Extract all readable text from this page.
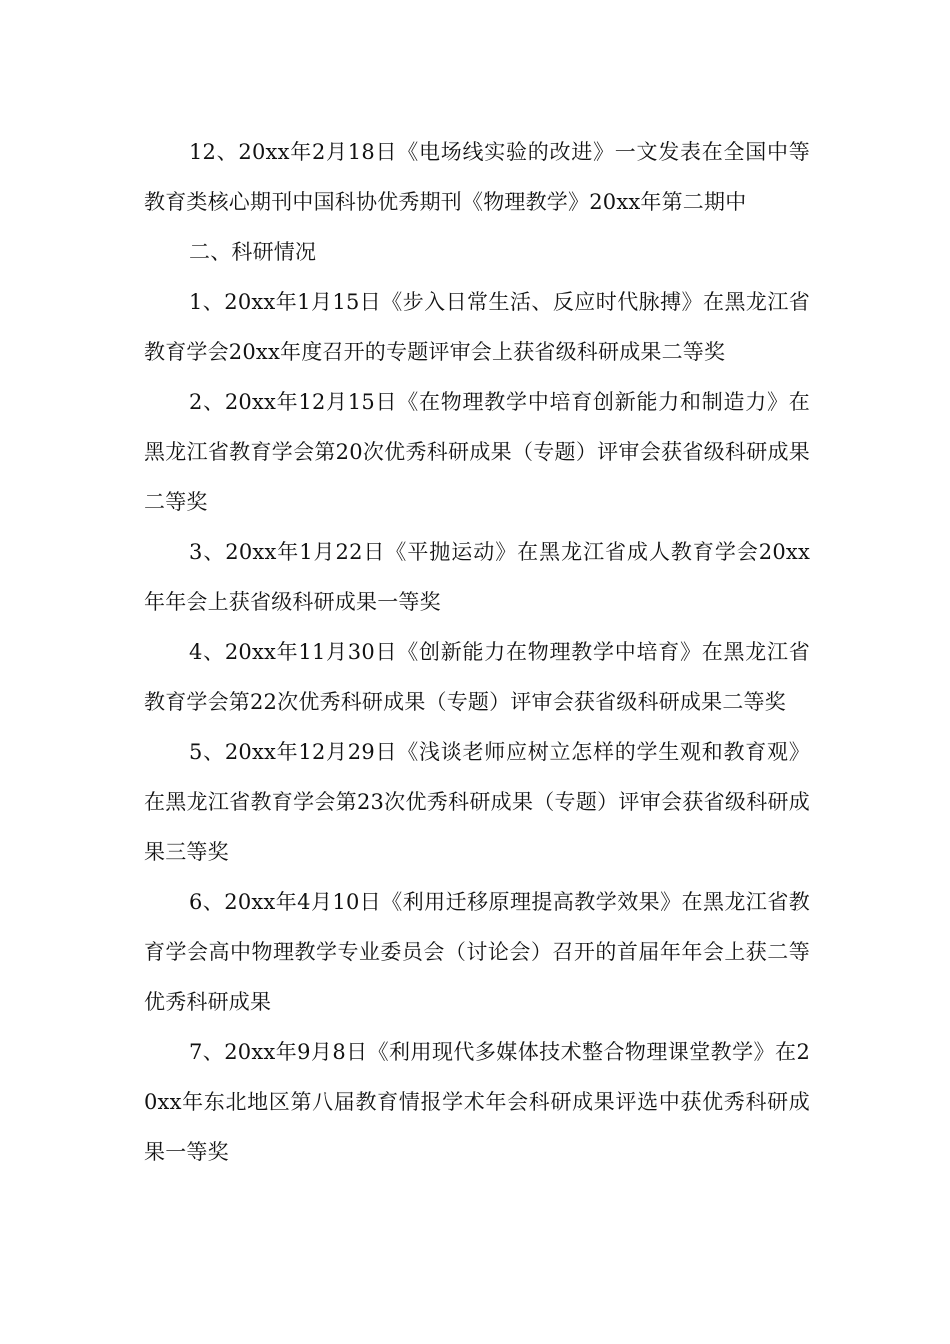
12、20xx年2月18日《电场线实验的改进》一文发表在全国中等教育类核心期刊中国科协优秀期刊《物理教学》20xx年第二期中

二、科研情况

1、20xx年1月15日《步入日常生活、反应时代脉搏》在黑龙江省教育学会20xx年度召开的专题评审会上获省级科研成果二等奖

2、20xx年12月15日《在物理教学中培育创新能力和制造力》在黑龙江省教育学会第20次优秀科研成果（专题）评审会获省级科研成果二等奖

3、20xx年1月22日《平抛运动》在黑龙江省成人教育学会20xx年年会上获省级科研成果一等奖

4、20xx年11月30日《创新能力在物理教学中培育》在黑龙江省教育学会第22次优秀科研成果（专题）评审会获省级科研成果二等奖

5、20xx年12月29日《浅谈老师应树立怎样的学生观和教育观》在黑龙江省教育学会第23次优秀科研成果（专题）评审会获省级科研成果三等奖

6、20xx年4月10日《利用迁移原理提高教学效果》在黑龙江省教育学会高中物理教学专业委员会（讨论会）召开的首届年年会上获二等优秀科研成果

7、20xx年9月8日《利用现代多媒体技术整合物理课堂教学》在20xx年东北地区第八届教育情报学术年会科研成果评选中获优秀科研成果一等奖
